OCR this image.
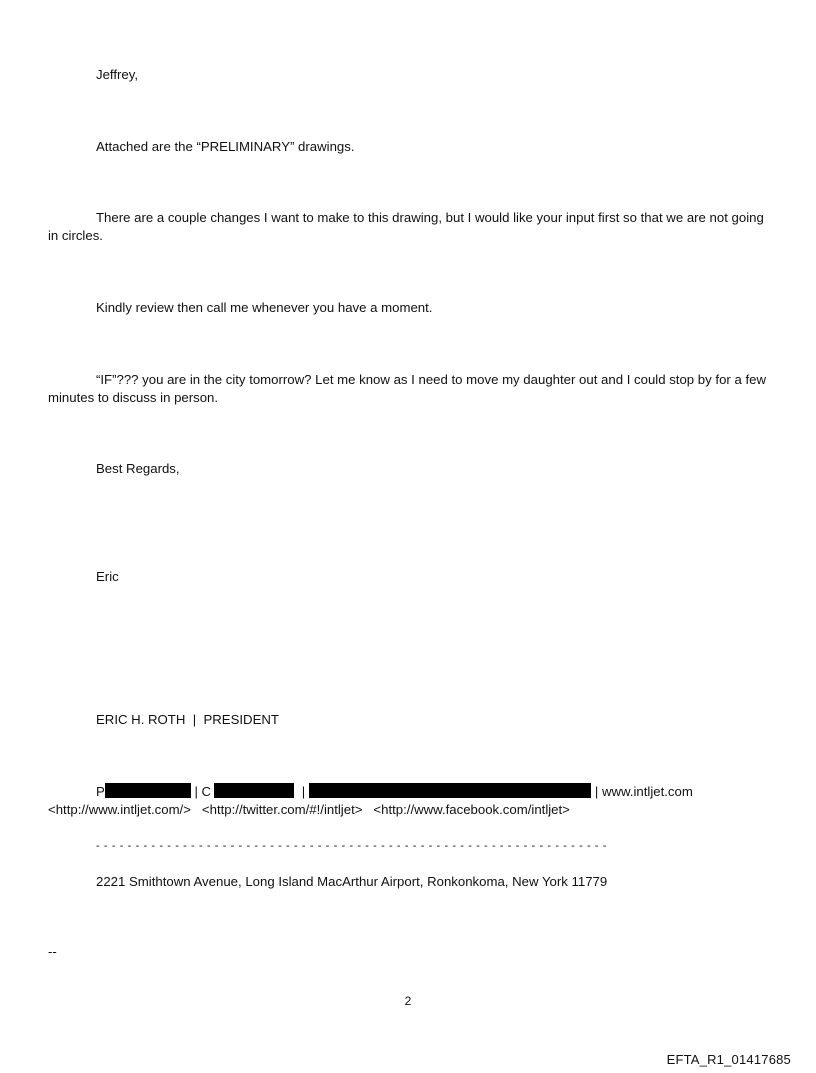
Jeffrey,
Attached are the “PRELIMINARY” drawings.
There are a couple changes I want to make to this drawing, but I would like your input first so that we are not going in circles.
Kindly review then call me whenever you have a moment.
“IF”??? you are in the city tomorrow? Let me know as I need to move my daughter out and I could stop by for a few minutes to discuss in person.
Best Regards,
Eric
ERIC H. ROTH  |  PRESIDENT
P	| C	|	| www.intljet.com
<http://www.intljet.com/>   <http://twitter.com/#!/intljet>   <http://www.facebook.com/intljet>
- - - - - - - - - - - - - - - - - - - - - - - - - - - - - - - - - - - - - - - - - - - - - - - - - - - - - - - - - - - - - - - - -
2221 Smithtown Avenue, Long Island MacArthur Airport, Ronkonkoma, New York 11779
--
2
EFTA_R1_01417685
